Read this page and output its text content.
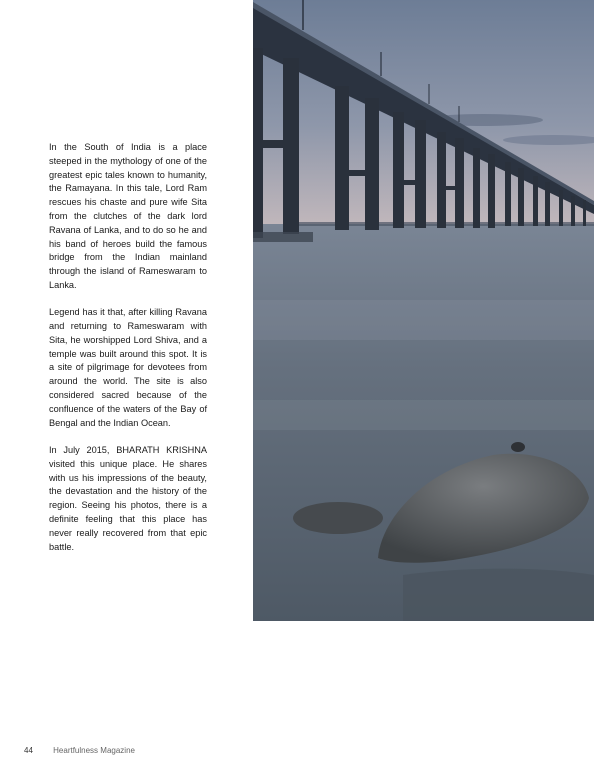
In the South of India is a place steeped in the mythology of one of the greatest epic tales known to humanity, the Ramayana. In this tale, Lord Ram rescues his chaste and pure wife Sita from the clutches of the dark lord Ravana of Lanka, and to do so he and his band of heroes build the famous bridge from the Indian mainland through the island of Rameswaram to Lanka.

Legend has it that, after killing Ravana and returning to Rameswaram with Sita, he worshipped Lord Shiva, and a temple was built around this spot. It is a site of pilgrimage for devotees from around the world. The site is also considered sacred because of the confluence of the waters of the Bay of Bengal and the Indian Ocean.

In July 2015, BHARATH KRISHNA visited this unique place. He shares with us his impressions of the beauty, the devastation and the history of the region. Seeing his photos, there is a definite feeling that this place has never really recovered from that epic battle.

44	Heartfulness Magazine
